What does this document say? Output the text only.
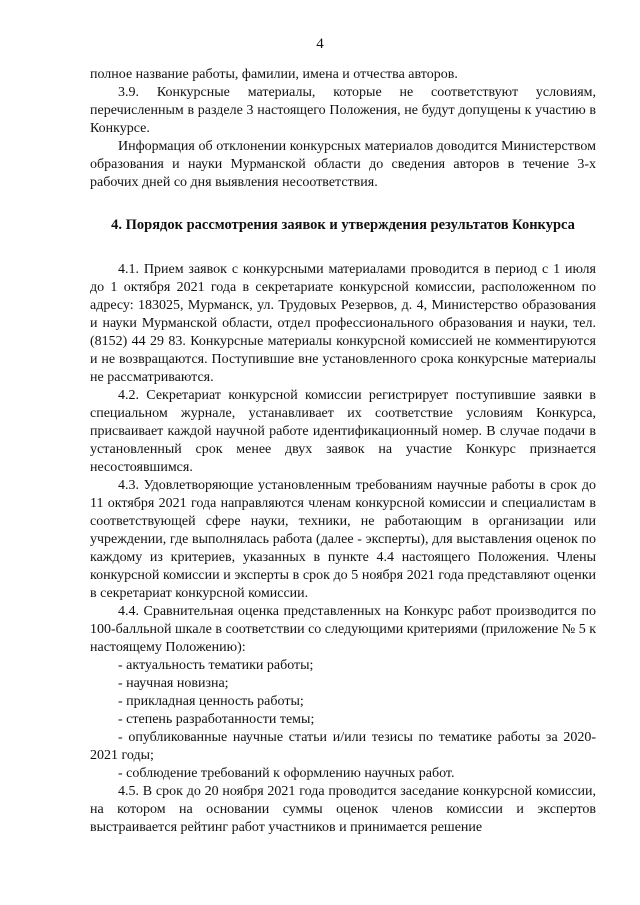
4

полное название работы, фамилии, имена и отчества авторов.

3.9. Конкурсные материалы, которые не соответствуют условиям, перечисленным в разделе 3 настоящего Положения, не будут допущены к участию в Конкурсе.

Информация об отклонении конкурсных материалов доводится Министерством образования и науки Мурманской области до сведения авторов в течение 3-х рабочих дней со дня выявления несоответствия.

4. Порядок рассмотрения заявок и утверждения результатов Конкурса

4.1. Прием заявок с конкурсными материалами проводится в период с 1 июля до 1 октября 2021 года в секретариате конкурсной комиссии, расположенном по адресу: 183025, Мурманск, ул. Трудовых Резервов, д. 4, Министерство образования и науки Мурманской области, отдел профессионального образования и науки, тел. (8152) 44 29 83. Конкурсные материалы конкурсной комиссией не комментируются и не возвращаются. Поступившие вне установленного срока конкурсные материалы не рассматриваются.

4.2. Секретариат конкурсной комиссии регистрирует поступившие заявки в специальном журнале, устанавливает их соответствие условиям Конкурса, присваивает каждой научной работе идентификационный номер. В случае подачи в установленный срок менее двух заявок на участие Конкурс признается несостоявшимся.

4.3. Удовлетворяющие установленным требованиям научные работы в срок до 11 октября 2021 года направляются членам конкурсной комиссии и специалистам в соответствующей сфере науки, техники, не работающим в организации или учреждении, где выполнялась работа (далее - эксперты), для выставления оценок по каждому из критериев, указанных в пункте 4.4 настоящего Положения. Члены конкурсной комиссии и эксперты в срок до 5 ноября 2021 года представляют оценки в секретариат конкурсной комиссии.

4.4. Сравнительная оценка представленных на Конкурс работ производится по 100-балльной шкале в соответствии со следующими критериями (приложение № 5 к настоящему Положению):

- актуальность тематики работы;
- научная новизна;
- прикладная ценность работы;
- степень разработанности темы;
- опубликованные научные статьи и/или тезисы по тематике работы за 2020-2021 годы;
- соблюдение требований к оформлению научных работ.

4.5. В срок до 20 ноября 2021 года проводится заседание конкурсной комиссии, на котором на основании суммы оценок членов комиссии и экспертов выстраивается рейтинг работ участников и принимается решение
